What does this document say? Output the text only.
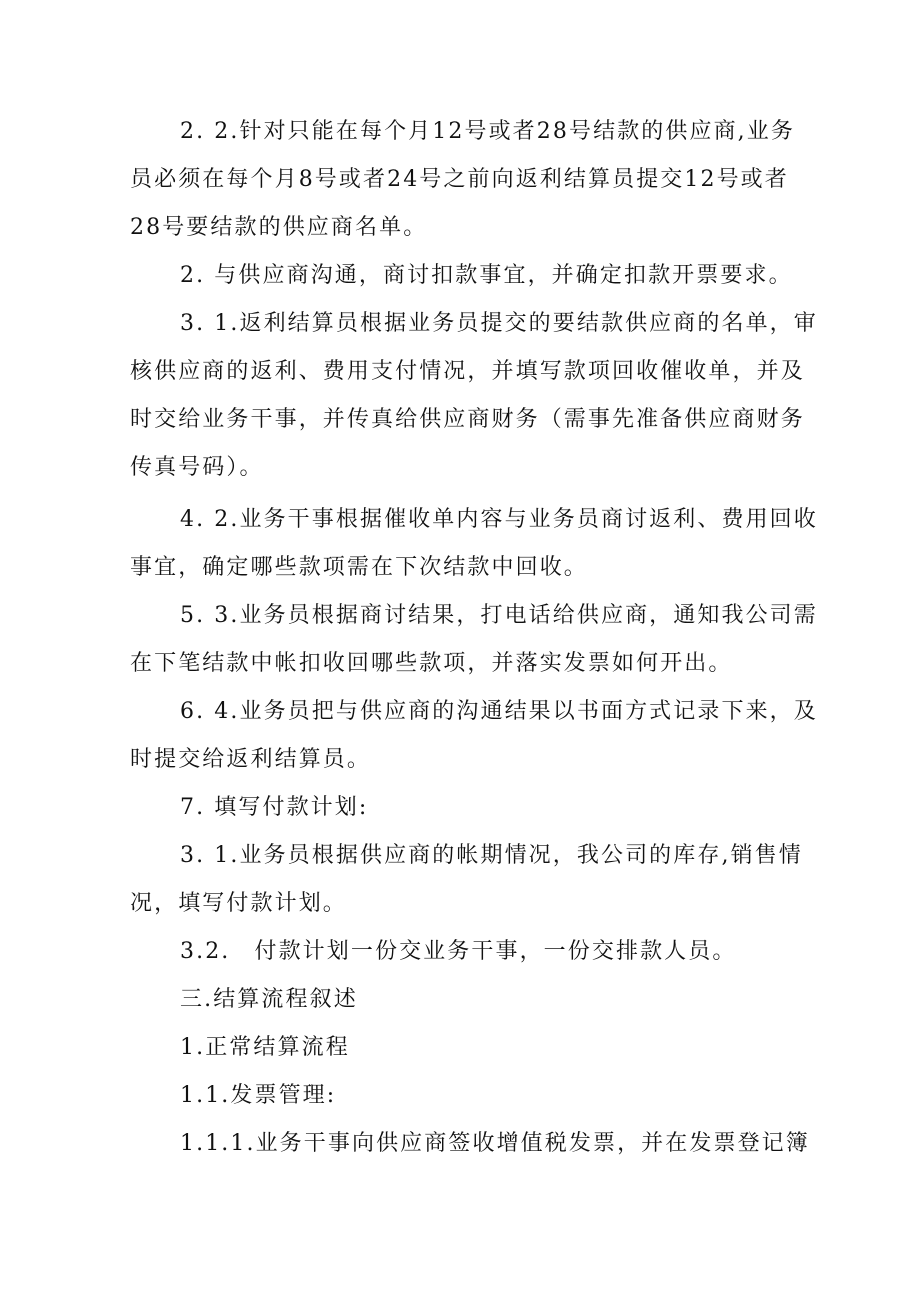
2. 2.针对只能在每个月12号或者28号结款的供应商,业务
员必须在每个月8号或者24号之前向返利结算员提交12号或者
28号要结款的供应商名单。
2. 与供应商沟通，商讨扣款事宜，并确定扣款开票要求。
3. 1.返利结算员根据业务员提交的要结款供应商的名单，审
核供应商的返利、费用支付情况，并填写款项回收催收单，并及
时交给业务干事，并传真给供应商财务（需事先准备供应商财务
传真号码）。
4. 2.业务干事根据催收单内容与业务员商讨返利、费用回收
事宜，确定哪些款项需在下次结款中回收。
5. 3.业务员根据商讨结果，打电话给供应商，通知我公司需
在下笔结款中帐扣收回哪些款项，并落实发票如何开出。
6. 4.业务员把与供应商的沟通结果以书面方式记录下来，及
时提交给返利结算员。
7. 填写付款计划:
3. 1.业务员根据供应商的帐期情况，我公司的库存,销售情
况，填写付款计划。
3.2.　付款计划一份交业务干事，一份交排款人员。
三.结算流程叙述
1.正常结算流程
1.1.发票管理:
1.1.1.业务干事向供应商签收增值税发票，并在发票登记簿
